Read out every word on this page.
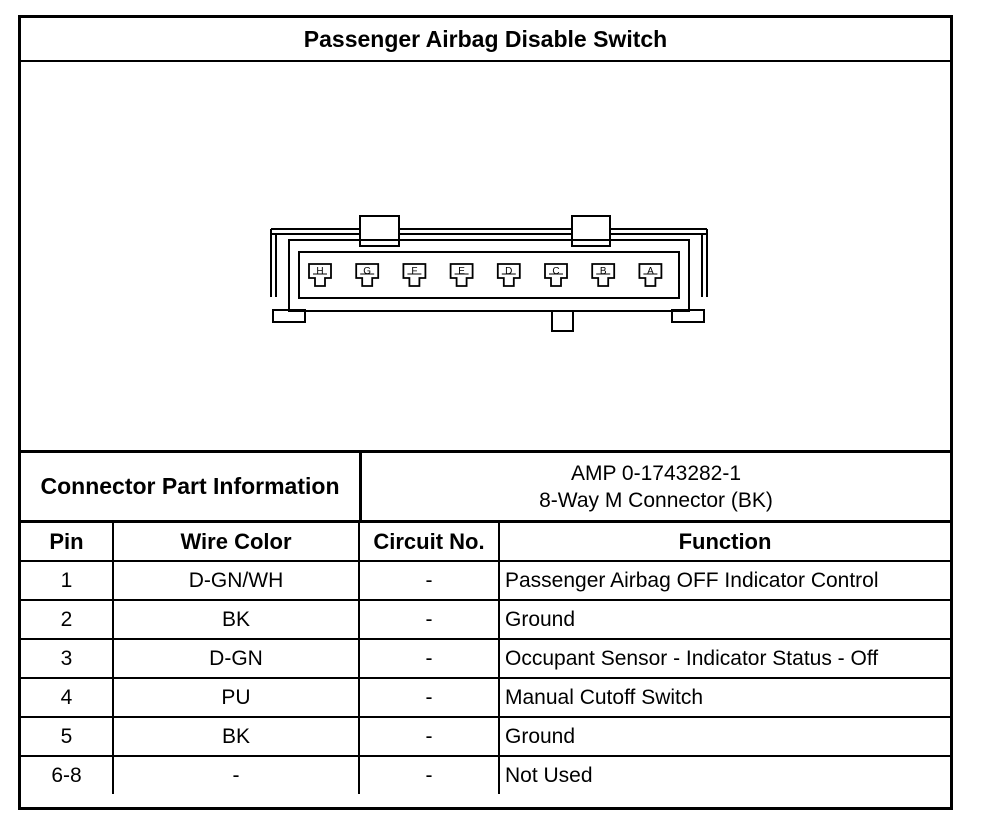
Passenger Airbag Disable Switch
H	G	F	E	D	C	B	A
Connector Part Information	AMP 0-1743282-1
8-Way M Connector (BK)
Pin	Wire Color	Circuit No.	Function
1	D-GN/WH	-	Passenger Airbag OFF Indicator Control
2	BK	-	Ground
3	D-GN	-	Occupant Sensor - Indicator Status - Off
4	PU	-	Manual Cutoff Switch
5	BK	-	Ground
6-8	-	-	Not Used
